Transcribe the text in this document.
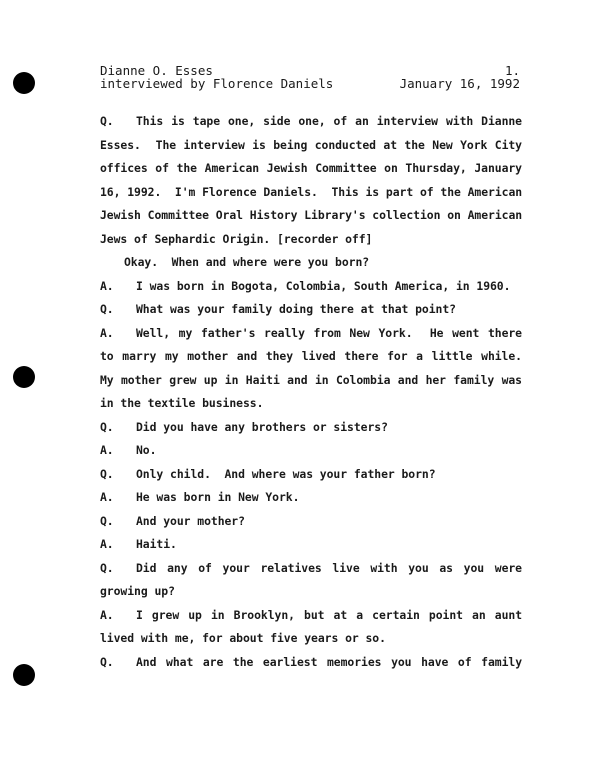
Dianne O. Esses	1.
interviewed by Florence Daniels	January 16, 1992
Q. This is tape one, side one, of an interview with Dianne
Esses.  The interview is being conducted at the New York City
offices of the American Jewish Committee on Thursday, January
16, 1992.  I'm Florence Daniels.  This is part of the American
Jewish Committee Oral History Library's collection on American
Jews of Sephardic Origin. [recorder off]
Okay.  When and where were you born?
A. I was born in Bogota, Colombia, South America, in 1960.
Q. What was your family doing there at that point?
A. Well, my father's really from New York.  He went there
to marry my mother and they lived there for a little while.
My mother grew up in Haiti and in Colombia and her family was
in the textile business.
Q. Did you have any brothers or sisters?
A. No.
Q. Only child.  And where was your father born?
A. He was born in New York.
Q. And your mother?
A. Haiti.
Q. Did any of your relatives live with you as you were
growing up?
A. I grew up in Brooklyn, but at a certain point an aunt
lived with me, for about five years or so.
Q. And what are the earliest memories you have of family
